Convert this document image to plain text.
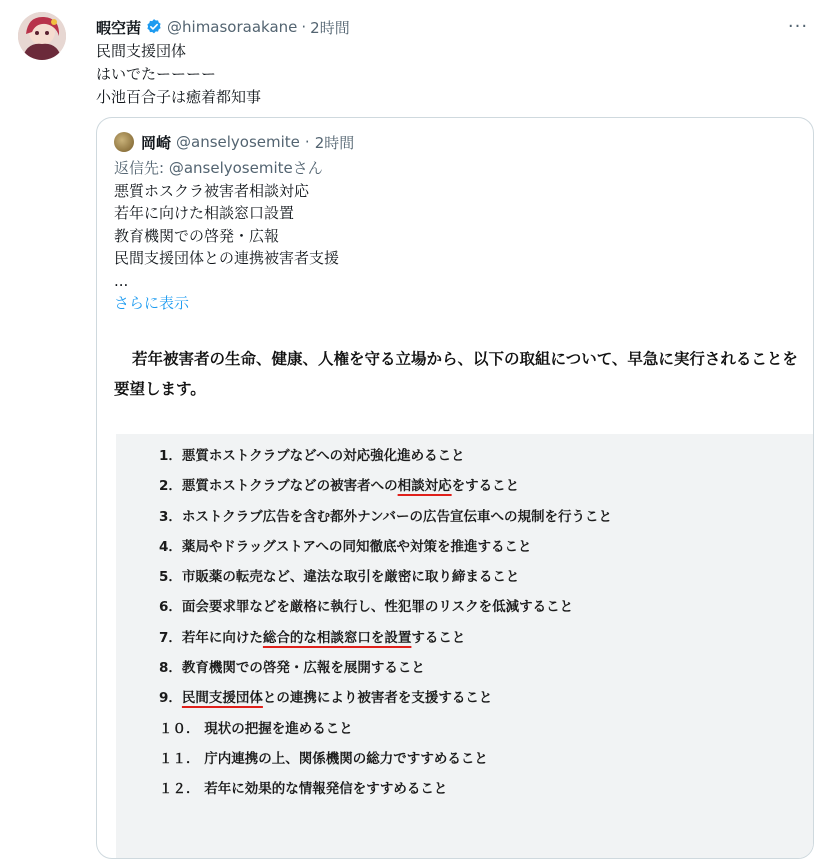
暇空茜 @himasoraakane · 2時間	···
民間支援団体
はいでたーーーー
小池百合子は癒着都知事
岡崎 @anselyosemite · 2時間
返信先: @anselyosemiteさん
悪質ホスクラ被害者相談対応
若年に向けた相談窓口設置
教育機関での啓発・広報
民間支援団体との連携被害者支援
...
さらに表示
若年被害者の生命、健康、人権を守る立場から、以下の取組について、早急に実行されることを要望します。
1．悪質ホストクラブなどへの対応強化進めること
2．悪質ホストクラブなどの被害者への相談対応をすること
3．ホストクラブ広告を含む都外ナンバーの広告宣伝車への規制を行うこと
4．薬局やドラッグストアへの同知徹底や対策を推進すること
5．市販薬の転売など、違法な取引を厳密に取り締まること
6．面会要求罪などを厳格に執行し、性犯罪のリスクを低減すること
7．若年に向けた総合的な相談窓口を設置すること
8．教育機関での啓発・広報を展開すること
9．民間支援団体との連携により被害者を支援すること
１０． 現状の把握を進めること
１１． 庁内連携の上、関係機関の総力ですすめること
１２． 若年に効果的な情報発信をすすめること
